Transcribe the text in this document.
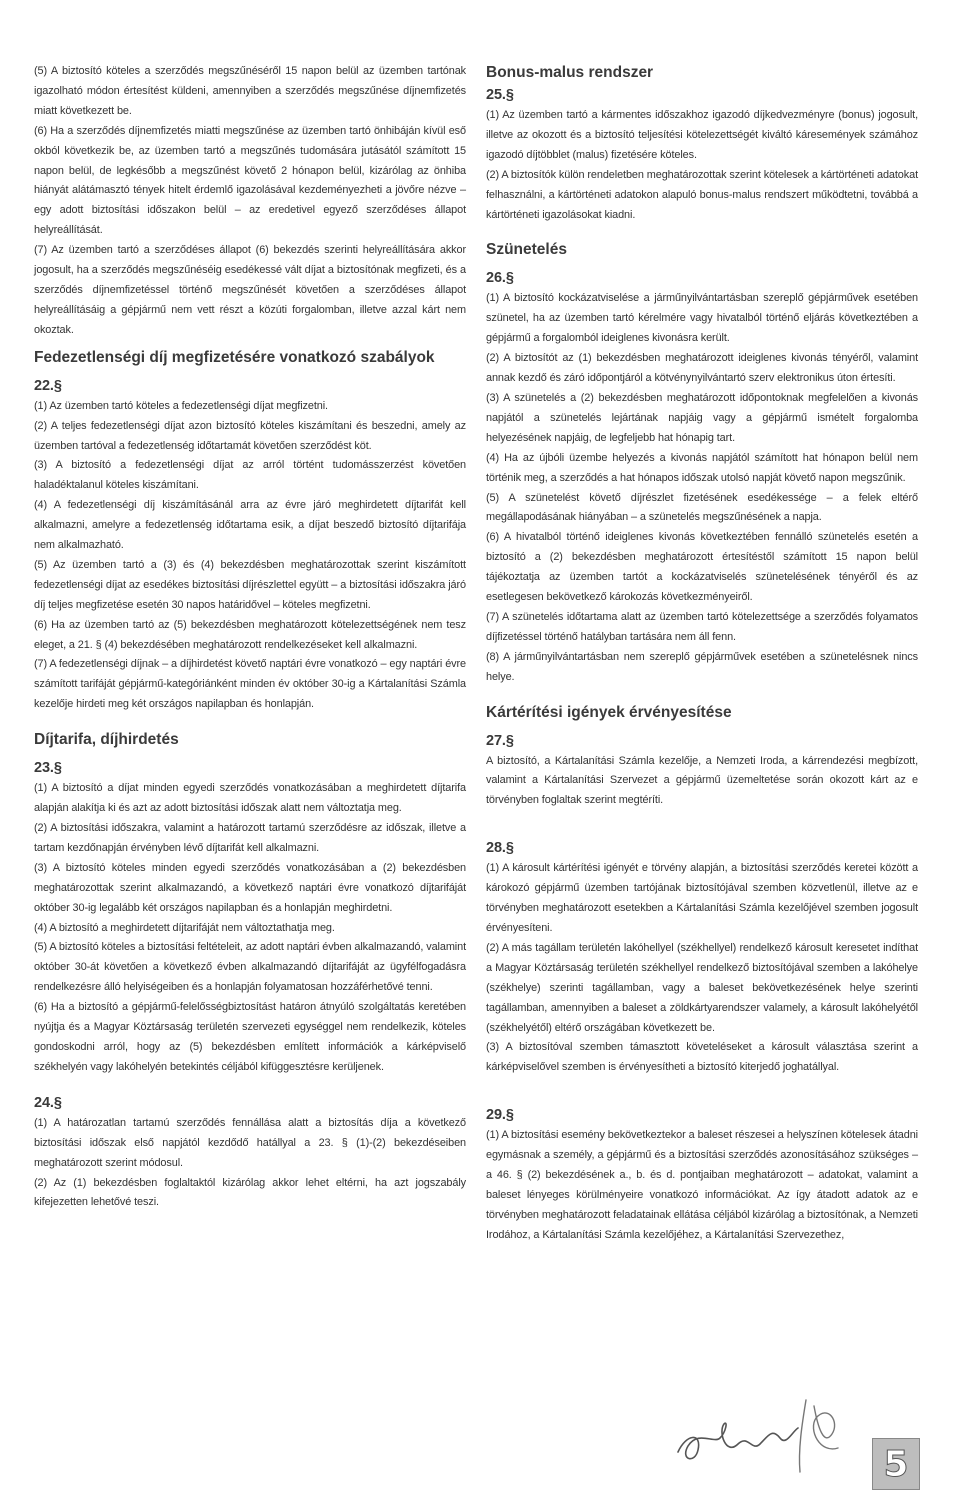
(5) A biztosító köteles a szerződés megszűnéséről 15 napon belül az üzemben tartónak igazolható módon értesítést küldeni, amennyiben a szerződés megszűnése díjnemfizetés miatt következett be.

(6) Ha a szerződés díjnemfizetés miatti megszűnése az üzemben tartó önhibáján kívül eső okból következik be, az üzemben tartó a megszűnés tudomására jutásától számított 15 napon belül, de legkésőbb a megszűnést követő 2 hónapon belül, kizárólag az önhiba hiányát alátámasztó tények hitelt érdemlő igazolásával kezdeményezheti a jövőre nézve – egy adott biztosítási időszakon belül – az eredetivel egyező szerződéses állapot helyreállítását.

(7) Az üzemben tartó a szerződéses állapot (6) bekezdés szerinti helyreállítására akkor jogosult, ha a szerződés megszűnéséig esedékessé vált díjat a biztosítónak megfizeti, és a szerződés díjnemfizetéssel történő megszűnését követően a szerződéses állapot helyreállításáig a gépjármű nem vett részt a közúti forgalomban, illetve azzal kárt nem okoztak.

Fedezetlenségi díj megfizetésére vonatkozó szabályok
22.§

(1) Az üzemben tartó köteles a fedezetlenségi díjat megfizetni.

(2) A teljes fedezetlenségi díjat azon biztosító köteles kiszámítani és beszedni, amely az üzemben tartóval a fedezetlenség időtartamát követően szerződést köt.

(3) A biztosító a fedezetlenségi díjat az arról történt tudomásszerzést követően haladéktalanul köteles kiszámítani.

(4) A fedezetlenségi díj kiszámításánál arra az évre járó meghirdetett díjtarifát kell alkalmazni, amelyre a fedezetlenség időtartama esik, a díjat beszedő biztosító díjtarifája nem alkalmazható.

(5) Az üzemben tartó a (3) és (4) bekezdésben meghatározottak szerint kiszámított fedezetlenségi díjat az esedékes biztosítási díjrészlettel együtt – a biztosítási időszakra járó díj teljes megfizetése esetén 30 napos határidővel – köteles megfizetni.

(6) Ha az üzemben tartó az (5) bekezdésben meghatározott kötelezettségének nem tesz eleget, a 21. § (4) bekezdésében meghatározott rendelkezéseket kell alkalmazni.

(7) A fedezetlenségi díjnak – a díjhirdetést követő naptári évre vonatkozó – egy naptári évre számított tarifáját gépjármű-kategóriánként minden év október 30-ig a Kártalanítási Számla kezelője hirdeti meg két országos napilapban és honlapján.

Díjtarifa, díjhirdetés
23.§

(1) A biztosító a díjat minden egyedi szerződés vonatkozásában a meghirdetett díjtarifa alapján alakítja ki és azt az adott biztosítási időszak alatt nem változtatja meg.

(2) A biztosítási időszakra, valamint a határozott tartamú szerződésre az időszak, illetve a tartam kezdőnapján érvényben lévő díjtarifát kell alkalmazni.

(3) A biztosító köteles minden egyedi szerződés vonatkozásában a (2) bekezdésben meghatározottak szerint alkalmazandó, a következő naptári évre vonatkozó díjtarifáját október 30-ig legalább két országos napilapban és a honlapján meghirdetni.

(4) A biztosító a meghirdetett díjtarifáját nem változtathatja meg.

(5) A biztosító köteles a biztosítási feltételeit, az adott naptári évben alkalmazandó, valamint október 30-át követően a következő évben alkalmazandó díjtarifáját az ügyfélfogadásra rendelkezésre álló helyiségeiben és a honlapján folyamatosan hozzáférhetővé tenni.

(6) Ha a biztosító a gépjármű-felelősségbiztosítást határon átnyúló szolgáltatás keretében nyújtja és a Magyar Köztársaság területén szervezeti egységgel nem rendelkezik, köteles gondoskodni arról, hogy az (5) bekezdésben említett információk a kárképviselő székhelyén vagy lakóhelyén betekintés céljából kifüggesztésre kerüljenek.

24.§

(1) A határozatlan tartamú szerződés fennállása alatt a biztosítás díja a következő biztosítási időszak első napjától kezdődő hatállyal a 23. § (1)-(2) bekezdéseiben meghatározott szerint módosul.

(2) Az (1) bekezdésben foglaltaktól kizárólag akkor lehet eltérni, ha azt jogszabály kifejezetten lehetővé teszi.

Bonus-malus rendszer
25.§

(1) Az üzemben tartó a kármentes időszakhoz igazodó díjkedvezményre (bonus) jogosult, illetve az okozott és a biztosító teljesítési kötelezettségét kiváltó káresemények számához igazodó díjtöbblet (malus) fizetésére köteles.

(2) A biztosítók külön rendeletben meghatározottak szerint kötelesek a kártörténeti adatokat felhasználni, a kártörténeti adatokon alapuló bonus-malus rendszert működtetni, továbbá a kártörténeti igazolásokat kiadni.

Szünetelés
26.§

(1) A biztosító kockázatviselése a járműnyilvántartásban szereplő gépjárművek esetében szünetel, ha az üzemben tartó kérelmére vagy hivatalból történő eljárás következtében a gépjármű a forgalomból ideiglenes kivonásra került.

(2) A biztosítót az (1) bekezdésben meghatározott ideiglenes kivonás tényéről, valamint annak kezdő és záró időpontjáról a kötvénynyilvántartó szerv elektronikus úton értesíti.

(3) A szünetelés a (2) bekezdésben meghatározott időpontoknak megfelelően a kivonás napjától a szünetelés lejártának napjáig vagy a gépjármű ismételt forgalomba helyezésének napjáig, de legfeljebb hat hónapig tart.

(4) Ha az újbóli üzembe helyezés a kivonás napjától számított hat hónapon belül nem történik meg, a szerződés a hat hónapos időszak utolsó napját követő napon megszűnik.

(5) A szünetelést követő díjrészlet fizetésének esedékessége – a felek eltérő megállapodásának hiányában – a szünetelés megszűnésének a napja.

(6) A hivatalból történő ideiglenes kivonás következtében fennálló szünetelés esetén a biztosító a (2) bekezdésben meghatározott értesítéstől számított 15 napon belül tájékoztatja az üzemben tartót a kockázatviselés szünetelésének tényéről és az esetlegesen bekövetkező károkozás következményeiről.

(7) A szünetelés időtartama alatt az üzemben tartó kötelezettsége a szerződés folyamatos díjfizetéssel történő hatályban tartására nem áll fenn.

(8) A járműnyilvántartásban nem szereplő gépjárművek esetében a szünetelésnek nincs helye.

Kártérítési igények érvényesítése
27.§

A biztosító, a Kártalanítási Számla kezelője, a Nemzeti Iroda, a kárrendezési megbízott, valamint a Kártalanítási Szervezet a gépjármű üzemeltetése során okozott kárt az e törvényben foglaltak szerint megtéríti.

28.§

(1) A károsult kártérítési igényét e törvény alapján, a biztosítási szerződés keretei között a károkozó gépjármű üzemben tartójának biztosítójával szemben közvetlenül, illetve az e törvényben meghatározott esetekben a Kártalanítási Számla kezelőjével szemben jogosult érvényesíteni.

(2) A más tagállam területén lakóhellyel (székhellyel) rendelkező károsult keresetet indíthat a Magyar Köztársaság területén székhellyel rendelkező biztosítójával szemben a lakóhelye (székhelye) szerinti tagállamban, vagy a baleset bekövetkezésének helye szerinti tagállamban, amennyiben a baleset a zöldkártyarendszer valamely, a károsult lakóhelyétől (székhelyétől) eltérő országában következett be.

(3) A biztosítóval szemben támasztott követeléseket a károsult választása szerint a kárképviselővel szemben is érvényesítheti a biztosító kiterjedő joghatállyal.

29.§

(1) A biztosítási esemény bekövetkeztekor a baleset részesei a helyszínen kötelesek átadni egymásnak a személy, a gépjármű és a biztosítási szerződés azonosításához szükséges – a 46. § (2) bekezdésének a., b. és d. pontjaiban meghatározott – adatokat, valamint a baleset lényeges körülményeire vonatkozó információkat. Az így átadott adatok az e törvényben meghatározott feladatainak ellátása céljából kizárólag a biztosítónak, a Nemzeti Irodához, a Kártalanítási Számla kezelőjéhez, a Kártalanítási Szervezethez,

5
